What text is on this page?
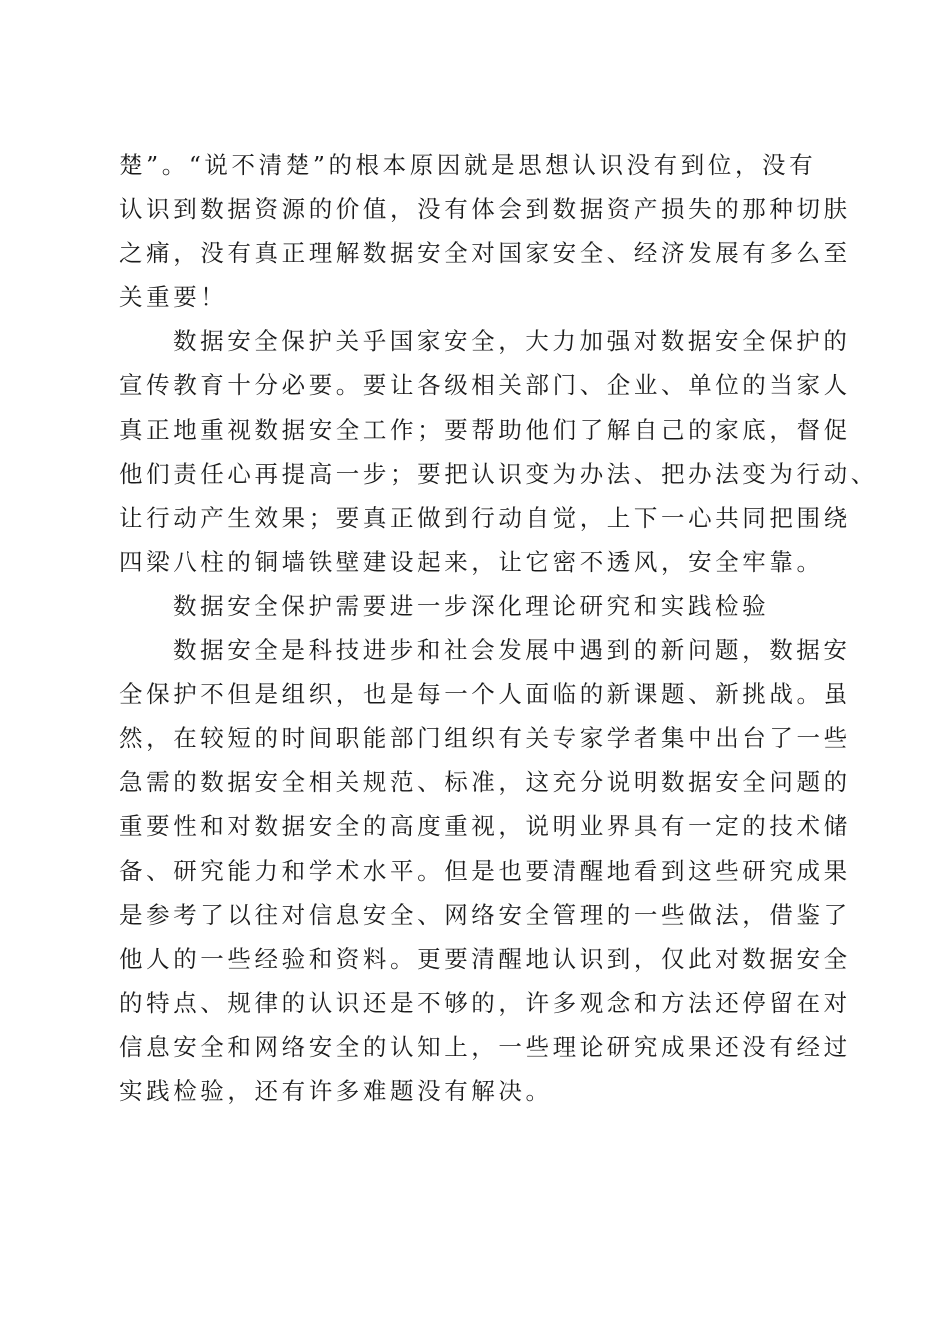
楚”。“说不清楚”的根本原因就是思想认识没有到位，没有
认识到数据资源的价值，没有体会到数据资产损失的那种切肤
之痛，没有真正理解数据安全对国家安全、经济发展有多么至
关重要！
数据安全保护关乎国家安全，大力加强对数据安全保护的
宣传教育十分必要。要让各级相关部门、企业、单位的当家人
真正地重视数据安全工作；要帮助他们了解自己的家底，督促
他们责任心再提高一步；要把认识变为办法、把办法变为行动、
让行动产生效果；要真正做到行动自觉，上下一心共同把围绕
四梁八柱的铜墙铁壁建设起来，让它密不透风，安全牢靠。
数据安全保护需要进一步深化理论研究和实践检验
数据安全是科技进步和社会发展中遇到的新问题，数据安
全保护不但是组织，也是每一个人面临的新课题、新挑战。虽
然，在较短的时间职能部门组织有关专家学者集中出台了一些
急需的数据安全相关规范、标准，这充分说明数据安全问题的
重要性和对数据安全的高度重视，说明业界具有一定的技术储
备、研究能力和学术水平。但是也要清醒地看到这些研究成果
是参考了以往对信息安全、网络安全管理的一些做法，借鉴了
他人的一些经验和资料。更要清醒地认识到，仅此对数据安全
的特点、规律的认识还是不够的，许多观念和方法还停留在对
信息安全和网络安全的认知上，一些理论研究成果还没有经过
实践检验，还有许多难题没有解决。
